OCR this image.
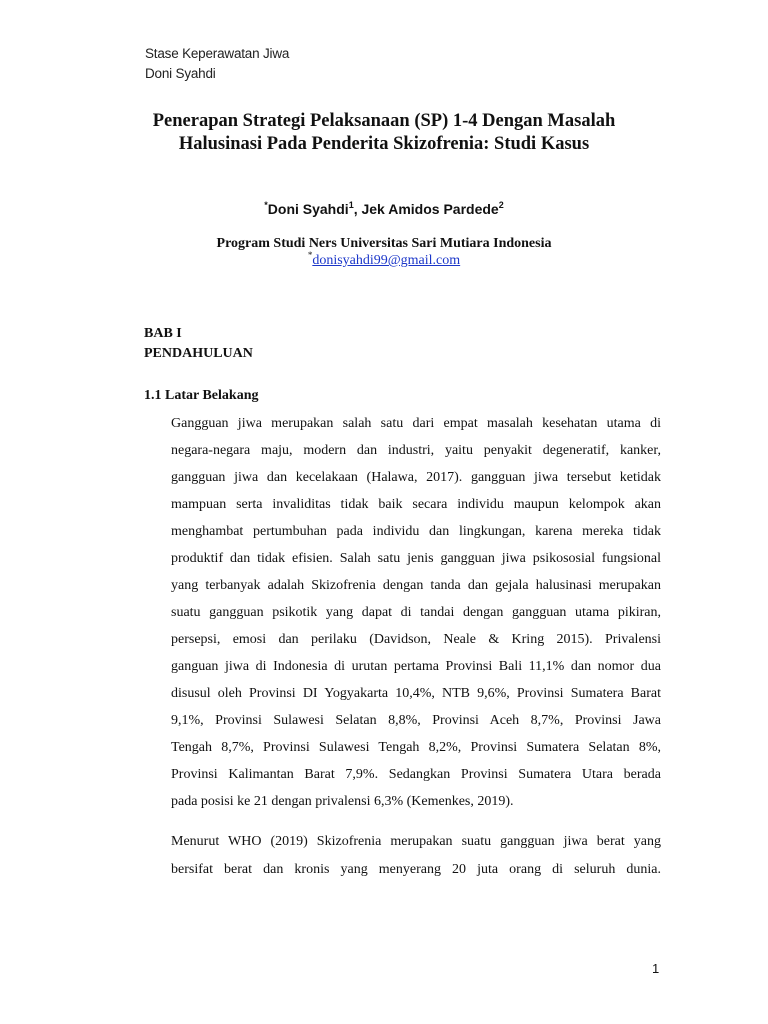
Stase Keperawatan Jiwa
Doni Syahdi
Penerapan Strategi Pelaksanaan (SP) 1-4 Dengan Masalah
Halusinasi Pada Penderita Skizofrenia: Studi Kasus
*Doni Syahdi$^1$, Jek Amidos Pardede$^2$
Program Studi Ners Universitas Sari Mutiara Indonesia
*donisyahdi99@gmail.com
BAB I
PENDAHULUAN
1.1 Latar Belakang
Gangguan jiwa merupakan salah satu dari empat masalah kesehatan utama di
negara-negara maju, modern dan industri, yaitu penyakit degeneratif, kanker,
gangguan jiwa dan kecelakaan (Halawa, 2017). gangguan jiwa tersebut ketidak
mampuan serta invaliditas tidak baik secara individu maupun kelompok akan
menghambat pertumbuhan pada individu dan lingkungan, karena mereka tidak
produktif dan tidak efisien. Salah satu jenis gangguan jiwa psikososial fungsional
yang terbanyak adalah Skizofrenia dengan tanda dan gejala halusinasi merupakan
suatu gangguan psikotik yang dapat di tandai dengan gangguan utama pikiran,
persepsi, emosi dan perilaku (Davidson, Neale & Kring 2015). Privalensi
ganguan jiwa di Indonesia di urutan pertama Provinsi Bali 11,1% dan nomor dua
disusul oleh Provinsi DI Yogyakarta 10,4%, NTB 9,6%, Provinsi Sumatera Barat
9,1%, Provinsi Sulawesi Selatan 8,8%, Provinsi Aceh 8,7%, Provinsi Jawa
Tengah 8,7%, Provinsi Sulawesi Tengah 8,2%, Provinsi Sumatera Selatan 8%,
Provinsi Kalimantan Barat 7,9%. Sedangkan Provinsi Sumatera Utara berada
pada posisi ke 21 dengan privalensi 6,3% (Kemenkes, 2019).
Menurut WHO (2019) Skizofrenia merupakan suatu gangguan jiwa berat yang
bersifat berat dan kronis yang menyerang 20 juta orang di seluruh dunia.
1
